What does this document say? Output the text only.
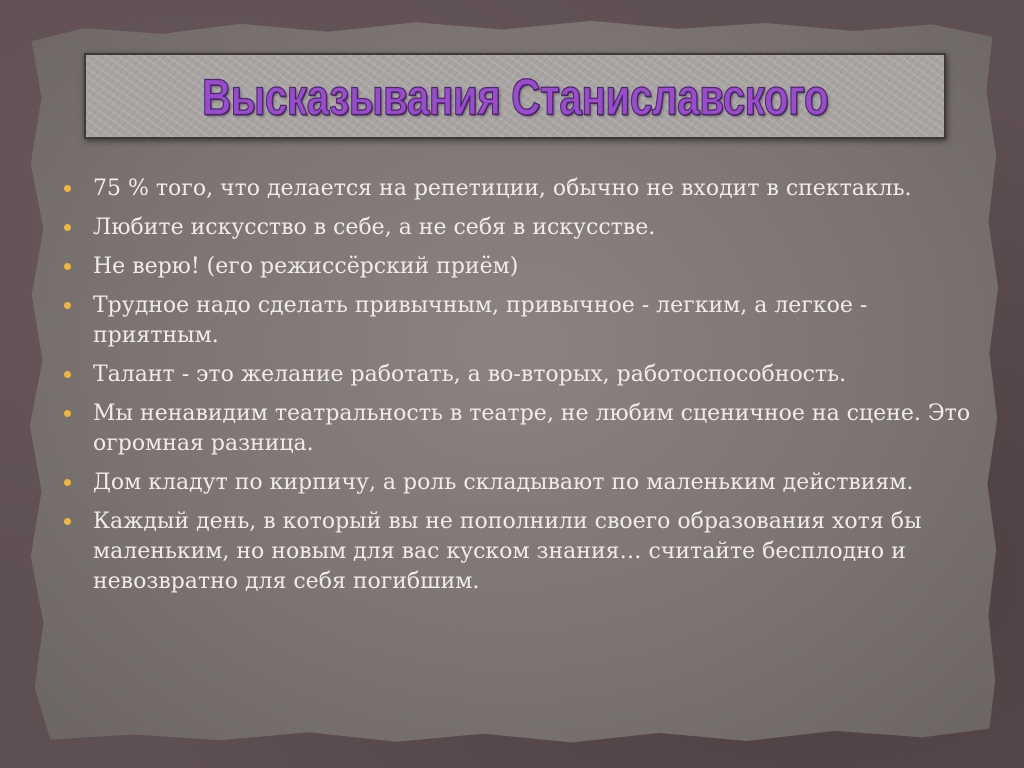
Высказывания Станиславского
75 % того, что делается на репетиции, обычно не входит в спектакль.
Любите искусство в себе, а не себя в искусстве.
Не верю! (его режиссёрский приём)
Трудное надо сделать привычным, привычное - легким, а легкое - приятным.
Талант - это желание работать, а во-вторых, работоспособность.
Мы ненавидим театральность в театре, не любим сценичное на сцене. Это огромная разница.
Дом кладут по кирпичу, а роль складывают по маленьким действиям.
Каждый день, в который вы не пополнили своего образования хотя бы маленьким, но новым для вас куском знания… считайте бесплодно и невозвратно для себя погибшим.
